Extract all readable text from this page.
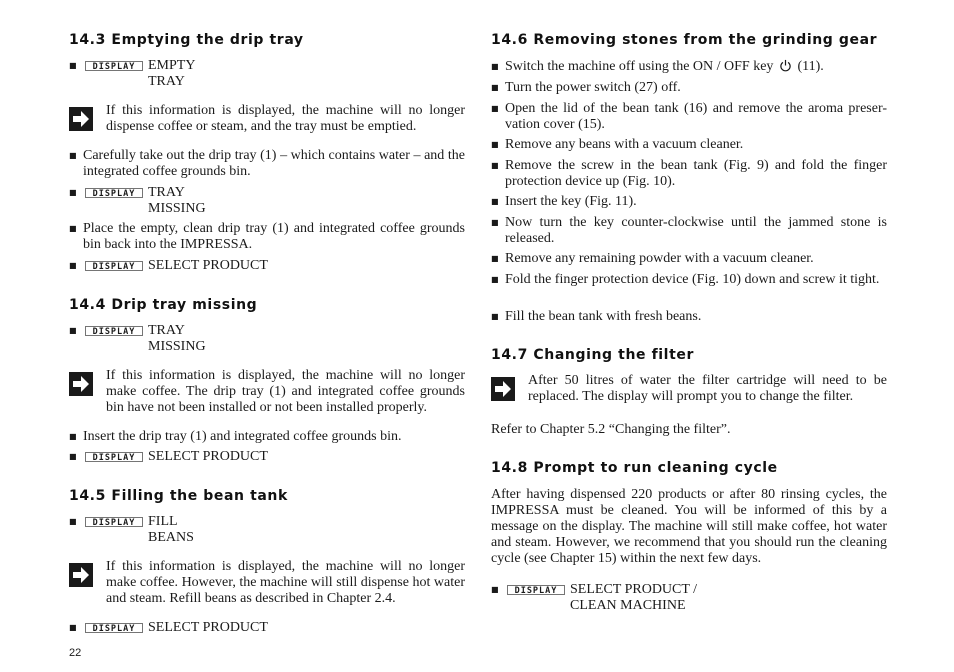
14.3 Emptying the drip tray
■ DISPLAY EMPTY
TRAY
If this information is displayed, the machine will no longer dispense coffee or steam, and the tray must be emptied.
■ Carefully take out the drip tray (1) – which contains water – and the integrated coffee grounds bin.
■ DISPLAY TRAY
MISSING
■ Place the empty, clean drip tray (1) and integrated coffee grounds bin back into the IMPRESSA.
■ DISPLAY SELECT PRODUCT
14.4 Drip tray missing
■ DISPLAY TRAY
MISSING
If this information is displayed, the machine will no longer make coffee. The drip tray (1) and integrated coffee grounds bin have not been installed or not been installed properly.
■ Insert the drip tray (1) and integrated coffee grounds bin.
■ DISPLAY SELECT PRODUCT
14.5 Filling the bean tank
■ DISPLAY FILL
BEANS
If this information is displayed, the machine will no longer make coffee. However, the machine will still dispense hot water and steam. Refill beans as described in Chapter 2.4.
■ DISPLAY SELECT PRODUCT
14.6 Removing stones from the grinding gear
■ Switch the machine off using the ON / OFF key (11).
■ Turn the power switch (27) off.
■ Open the lid of the bean tank (16) and remove the aroma preser-vation cover (15).
■ Remove any beans with a vacuum cleaner.
■ Remove the screw in the bean tank (Fig. 9) and fold the finger protection device up (Fig. 10).
■ Insert the key (Fig. 11).
■ Now turn the key counter-clockwise until the jammed stone is released.
■ Remove any remaining powder with a vacuum cleaner.
■ Fold the finger protection device (Fig. 10) down and screw it tight.
■ Fill the bean tank with fresh beans.
14.7 Changing the filter
After 50 litres of water the filter cartridge will need to be replaced. The display will prompt you to change the filter.
Refer to Chapter 5.2 “Changing the filter”.
14.8 Prompt to run cleaning cycle
After having dispensed 220 products or after 80 rinsing cycles, the IMPRESSA must be cleaned. You will be informed of this by a message on the display. The machine will still make coffee, hot water and steam. However, we recommend that you should run the cleaning cycle (see Chapter 15) within the next few days.
■ DISPLAY SELECT PRODUCT /
CLEAN MACHINE
22
